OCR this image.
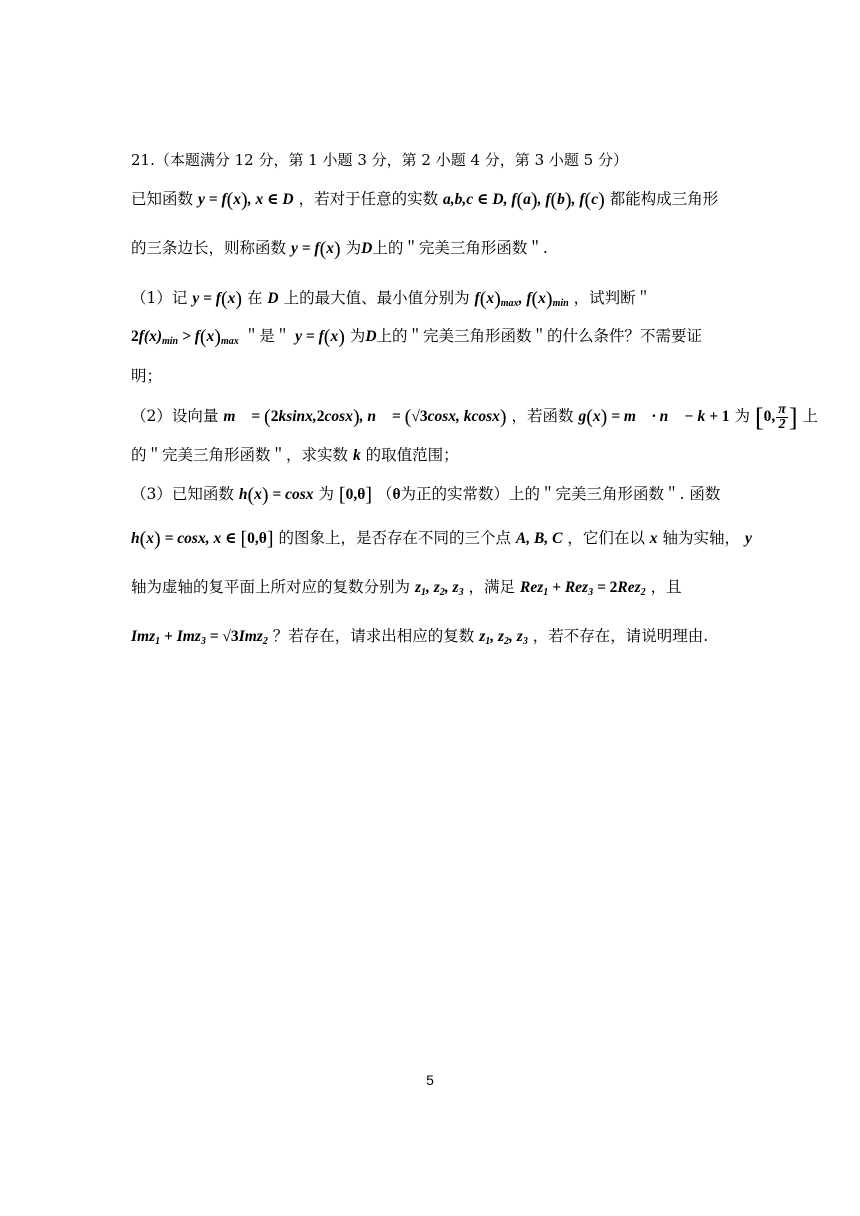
21.（本题满分 12 分，第 1 小题 3 分，第 2 小题 4 分，第 3 小题 5 分）
已知函数 y = f(x), x ∈ D ，若对于任意的实数 a,b,c ∈ D, f(a), f(b), f(c) 都能构成三角形
的三条边长，则称函数 y = f(x) 为D上的＂完美三角形函数＂.
（1）记 y = f(x) 在 D 上的最大值、最小值分别为 $f(x)_{max}$, $f(x)_{min}$ ，试判断＂
$2f(x)_{min} > f(x)_{max}$ ＂是＂ y = f(x) 为D上的＂完美三角形函数＂的什么条件？不需要证
明；
（2）设向量 m⃗ = (2ksinx,2cosx), n⃗ = (√3cosx, kcosx) ，若函数 g(x) = m⃗ · n⃗ − k + 1 为 [0, $\frac{\pi}{2}$ ] 上
的＂完美三角形函数＂，求实数 k 的取值范围；
（3）已知函数 h(x) = cosx 为 [0,θ] （θ为正的实常数）上的＂完美三角形函数＂. 函数
h(x) = cosx, x ∈ [0,θ] 的图象上，是否存在不同的三个点 A, B, C ，它们在以 x 轴为实轴， y
轴为虚轴的复平面上所对应的复数分别为 $z_1$, $z_2$, $z_3$ ，满足 Rez$_1$ + Rez$_3$ = 2Rez$_2$ ，且
Imz$_1$ + Imz$_3$ = √3Imz$_2$ ？若存在，请求出相应的复数 $z_1$, $z_2$, $z_3$ ，若不存在，请说明理由.
5
